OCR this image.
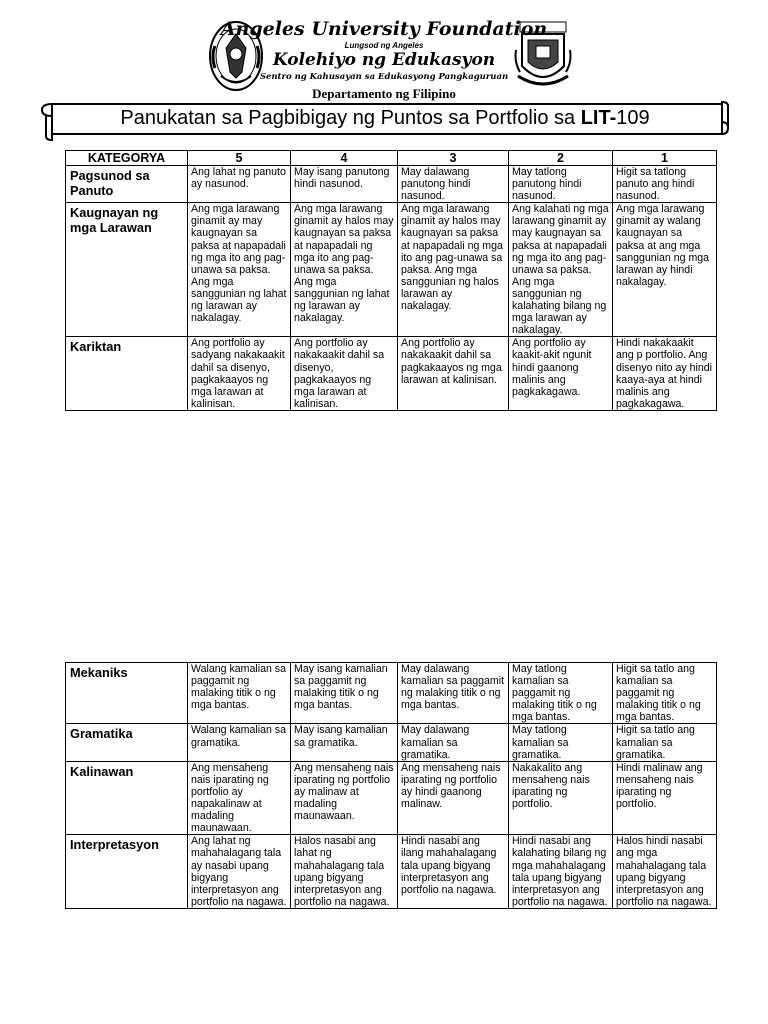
Angeles University Foundation
Lungsod ng Angeles
Kolehiyo ng Edukasyon
Sentro ng Kahusayan sa Edukasyong Pangkaguruan
Departamento ng Filipino
Panukatan sa Pagbibigay ng Puntos sa Portfolio sa LIT-109
KATEGORYA	5	4	3	2	1
Pagsunod sa Panuto	Ang lahat ng panuto ay nasunod.	May isang panutong hindi nasunod.	May dalawang panutong hindi nasunod.	May tatlong panutong hindi nasunod.	Higit sa tatlong panuto ang hindi nasunod.
Kaugnayan ng mga Larawan	Ang mga larawang ginamit ay may kaugnayan sa paksa at napapadali ng mga ito ang pag-unawa sa paksa. Ang mga sanggunian ng lahat ng larawan ay nakalagay.	Ang mga larawang ginamit ay halos may kaugnayan sa paksa at napapadali ng mga ito ang pag-unawa sa paksa. Ang mga sanggunian ng lahat ng larawan ay nakalagay.	Ang mga larawang ginamit ay halos may kaugnayan sa paksa at napapadali ng mga ito ang pag-unawa sa paksa. Ang mga sanggunian ng halos larawan ay nakalagay.	Ang kalahati ng mga larawang ginamit ay may kaugnayan sa paksa at napapadali ng mga ito ang pag-unawa sa paksa. Ang mga sanggunian ng kalahating bilang ng mga larawan ay nakalagay.	Ang mga larawang ginamit ay walang kaugnayan sa paksa at ang mga sanggunian ng mga larawan ay hindi nakalagay.
Kariktan	Ang portfolio ay sadyang nakakaakit dahil sa disenyo, pagkakaayos ng mga larawan at kalinisan.	Ang portfolio ay nakakaakit dahil sa disenyo, pagkakaayos ng mga larawan at kalinisan.	Ang portfolio ay nakakaakit dahil sa pagkakaayos ng mga larawan at kalinisan.	Ang portfolio ay kaakit-akit ngunit hindi gaanong malinis ang pagkakagawa.	Hindi nakakaakit ang p portfolio. Ang disenyo nito ay hindi kaaya-aya at hindi malinis ang pagkakagawa.
Mekaniks	Walang kamalian sa paggamit ng malaking titik o ng mga bantas.	May isang kamalian sa paggamit ng malaking titik o ng mga bantas.	May dalawang kamalian sa paggamit ng malaking titik o ng mga bantas.	May tatlong kamalian sa paggamit ng malaking titik o ng mga bantas.	Higit sa tatlo ang kamalian sa paggamit ng malaking titik o ng mga bantas.
Gramatika	Walang kamalian sa gramatika.	May isang kamalian sa gramatika.	May dalawang kamalian sa gramatika.	May tatlong kamalian sa gramatika.	Higit sa tatlo ang kamalian sa gramatika.
Kalinawan	Ang mensaheng nais iparating ng portfolio ay napakalinaw at madaling maunawaan.	Ang mensaheng nais iparating ng portfolio ay malinaw at madaling maunawaan.	Ang mensaheng nais iparating ng portfolio ay hindi gaanong malinaw.	Nakakalito ang mensaheng nais iparating ng portfolio.	Hindi malinaw ang mensaheng nais iparating ng portfolio.
Interpretasyon	Ang lahat ng mahahalagang tala ay nasabi upang bigyang interpretasyon ang portfolio na nagawa.	Halos nasabi ang lahat ng mahahalagang tala upang bigyang interpretasyon ang portfolio na nagawa.	Hindi nasabi ang ilang mahahalagang tala upang bigyang interpretasyon ang portfolio na nagawa.	Hindi nasabi ang kalahating bilang ng mga mahahalagang tala upang bigyang interpretasyon ang portfolio na nagawa.	Halos hindi nasabi ang mga mahahalagang tala upang bigyang interpretasyon ang portfolio na nagawa.
